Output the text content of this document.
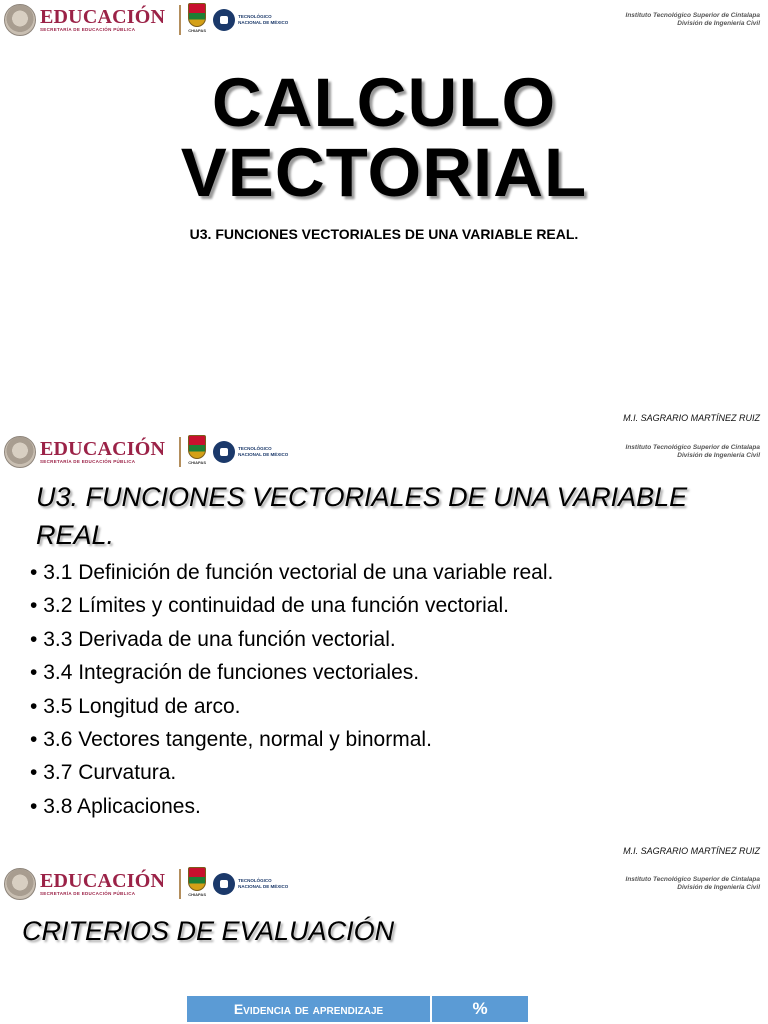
EDUCACIÓN
SECRETARÍA DE EDUCACIÓN PÚBLICA	CHIAPAS
TECNOLÓGICO
NACIONAL DE MÉXICO
Instituto Tecnológico Superior de Cintalapa
División de Ingeniería Civil
CALCULO
VECTORIAL
U3. FUNCIONES VECTORIALES DE UNA VARIABLE REAL.
M.I. SAGRARIO MARTÍNEZ RUIZ
EDUCACIÓN
SECRETARÍA DE EDUCACIÓN PÚBLICA	CHIAPAS
TECNOLÓGICO
NACIONAL DE MÉXICO
Instituto Tecnológico Superior de Cintalapa
División de Ingeniería Civil
U3. FUNCIONES VECTORIALES DE UNA VARIABLE REAL.
• 3.1 Definición de función vectorial de una variable real.
• 3.2 Límites y continuidad de una función vectorial.
• 3.3 Derivada de una función vectorial.
• 3.4 Integración de funciones vectoriales.
• 3.5 Longitud de arco.
• 3.6 Vectores tangente, normal y binormal.
• 3.7 Curvatura.
• 3.8 Aplicaciones.
M.I. SAGRARIO MARTÍNEZ RUIZ
EDUCACIÓN
SECRETARÍA DE EDUCACIÓN PÚBLICA	CHIAPAS
TECNOLÓGICO
NACIONAL DE MÉXICO
Instituto Tecnológico Superior de Cintalapa
División de Ingeniería Civil
CRITERIOS DE EVALUACIÓN
Evidencia de aprendizaje	%
